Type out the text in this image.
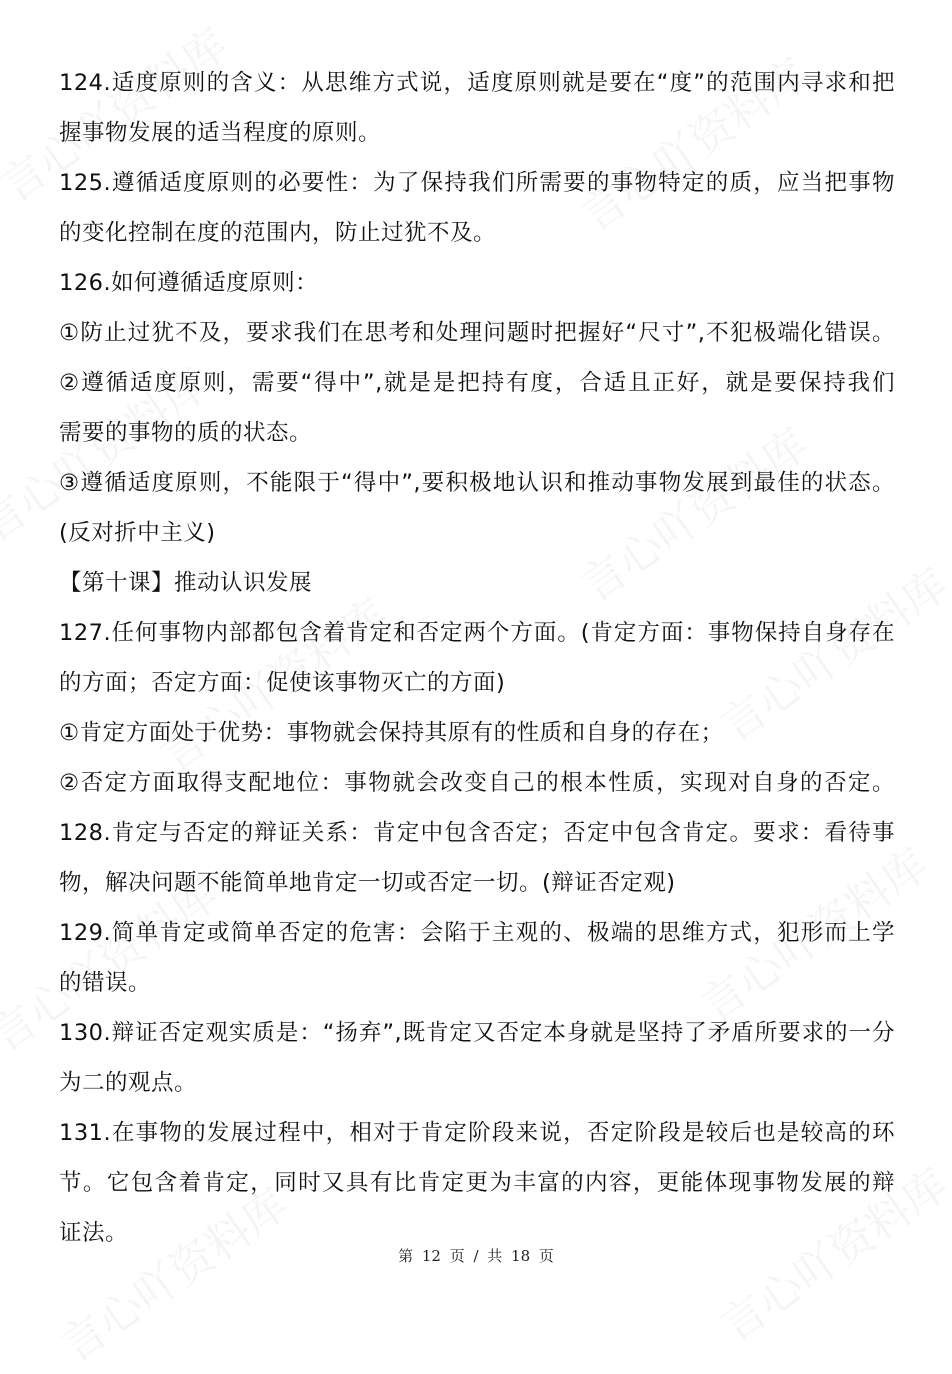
124.适度原则的含义：从思维方式说，适度原则就是要在“度”的范围内寻求和把
握事物发展的适当程度的原则。
125.遵循适度原则的必要性：为了保持我们所需要的事物特定的质，应当把事物
的变化控制在度的范围内，防止过犹不及。
126.如何遵循适度原则：
①防止过犹不及，要求我们在思考和处理问题时把握好“尺寸”,不犯极端化错误。
②遵循适度原则，需要“得中”,就是是把持有度，合适且正好，就是要保持我们
需要的事物的质的状态。
③遵循适度原则，不能限于“得中”,要积极地认识和推动事物发展到最佳的状态。
(反对折中主义)
【第十课】推动认识发展
127.任何事物内部都包含着肯定和否定两个方面。(肯定方面：事物保持自身存在
的方面；否定方面：促使该事物灭亡的方面)
①肯定方面处于优势：事物就会保持其原有的性质和自身的存在；
②否定方面取得支配地位：事物就会改变自己的根本性质，实现对自身的否定。
128.肯定与否定的辩证关系：肯定中包含否定；否定中包含肯定。要求：看待事
物，解决问题不能简单地肯定一切或否定一切。(辩证否定观)
129.简单肯定或简单否定的危害：会陷于主观的、极端的思维方式，犯形而上学
的错误。
130.辩证否定观实质是：“扬弃”,既肯定又否定本身就是坚持了矛盾所要求的一分
为二的观点。
131.在事物的发展过程中，相对于肯定阶段来说，否定阶段是较后也是较高的环
节。它包含着肯定，同时又具有比肯定更为丰富的内容，更能体现事物发展的辩
证法。
第 12 页 / 共 18 页
